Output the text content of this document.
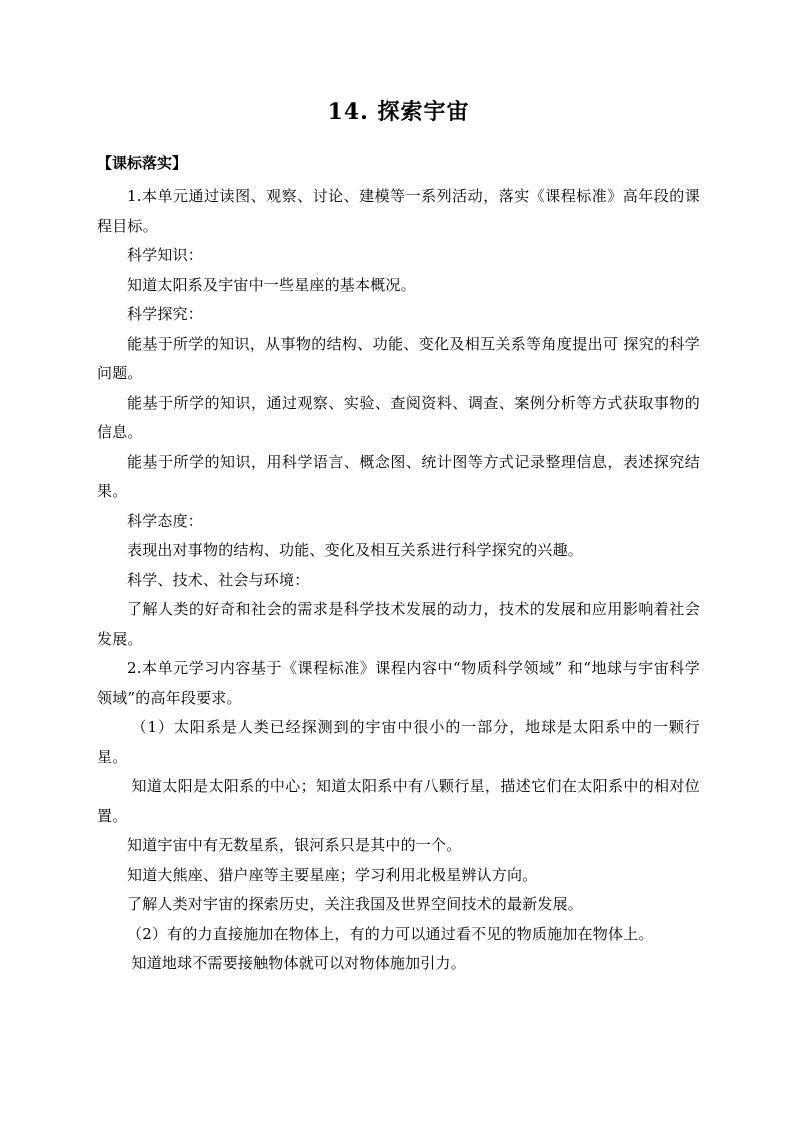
14. 探索宇宙
【课标落实】

1.本单元通过读图、观察、讨论、建模等一系列活动，落实《课程标准》高年段的课程目标。

科学知识：

知道太阳系及宇宙中一些星座的基本概况。

科学探究：

能基于所学的知识，从事物的结构、功能、变化及相互关系等角度提出可 探究的科学问题。

能基于所学的知识，通过观察、实验、查阅资料、调查、案例分析等方式获取事物的信息。

能基于所学的知识，用科学语言、概念图、统计图等方式记录整理信息，表述探究结果。

科学态度：

表现出对事物的结构、功能、变化及相互关系进行科学探究的兴趣。

科学、技术、社会与环境：

了解人类的好奇和社会的需求是科学技术发展的动力，技术的发展和应用影响着社会发展。

2.本单元学习内容基于《课程标准》课程内容中“物质科学领域” 和“地球与宇宙科学领域”的高年段要求。

（1）太阳系是人类已经探测到的宇宙中很小的一部分，地球是太阳系中的一颗行星。

知道太阳是太阳系的中心；知道太阳系中有八颗行星，描述它们在太阳系中的相对位置。

知道宇宙中有无数星系，银河系只是其中的一个。

知道大熊座、猎户座等主要星座；学习利用北极星辨认方向。

了解人类对宇宙的探索历史，关注我国及世界空间技术的最新发展。

（2）有的力直接施加在物体上，有的力可以通过看不见的物质施加在物体上。

知道地球不需要接触物体就可以对物体施加引力。
